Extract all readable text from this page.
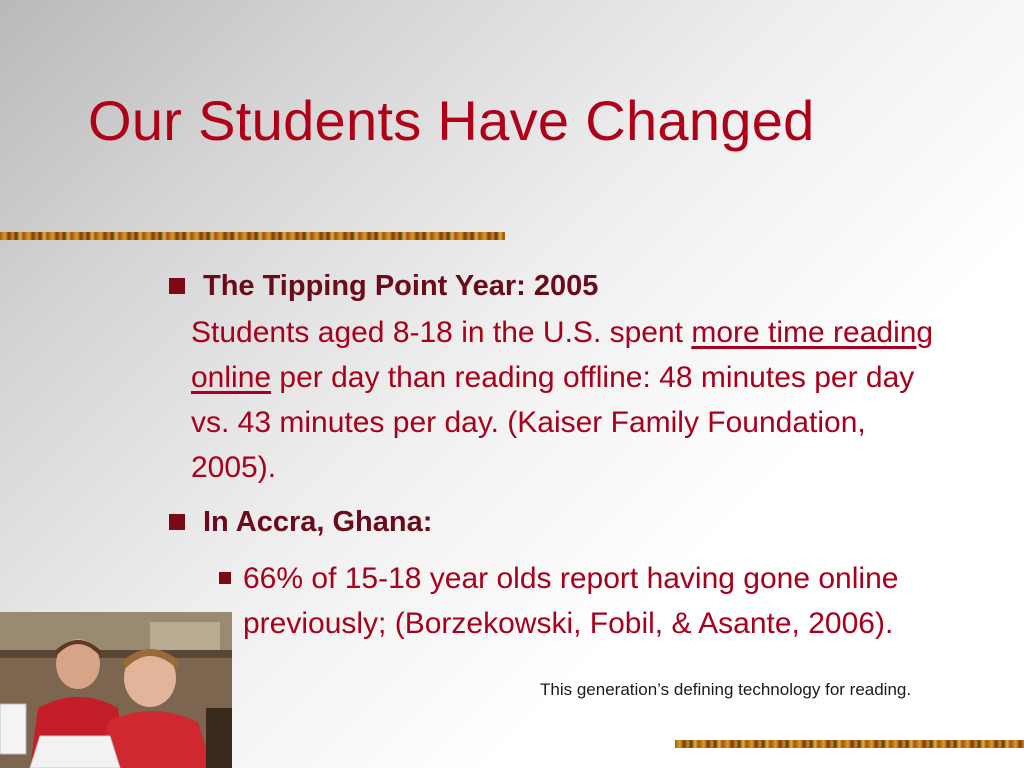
Our Students Have Changed

The Tipping Point Year: 2005

Students aged 8-18 in the U.S. spent more time reading online per day than reading offline: 48 minutes per day vs. 43 minutes per day. (Kaiser Family Foundation, 2005).

In Accra, Ghana:

66% of 15-18 year olds report having gone online previously; (Borzekowski, Fobil, & Asante, 2006).

This generation’s defining technology for reading.
